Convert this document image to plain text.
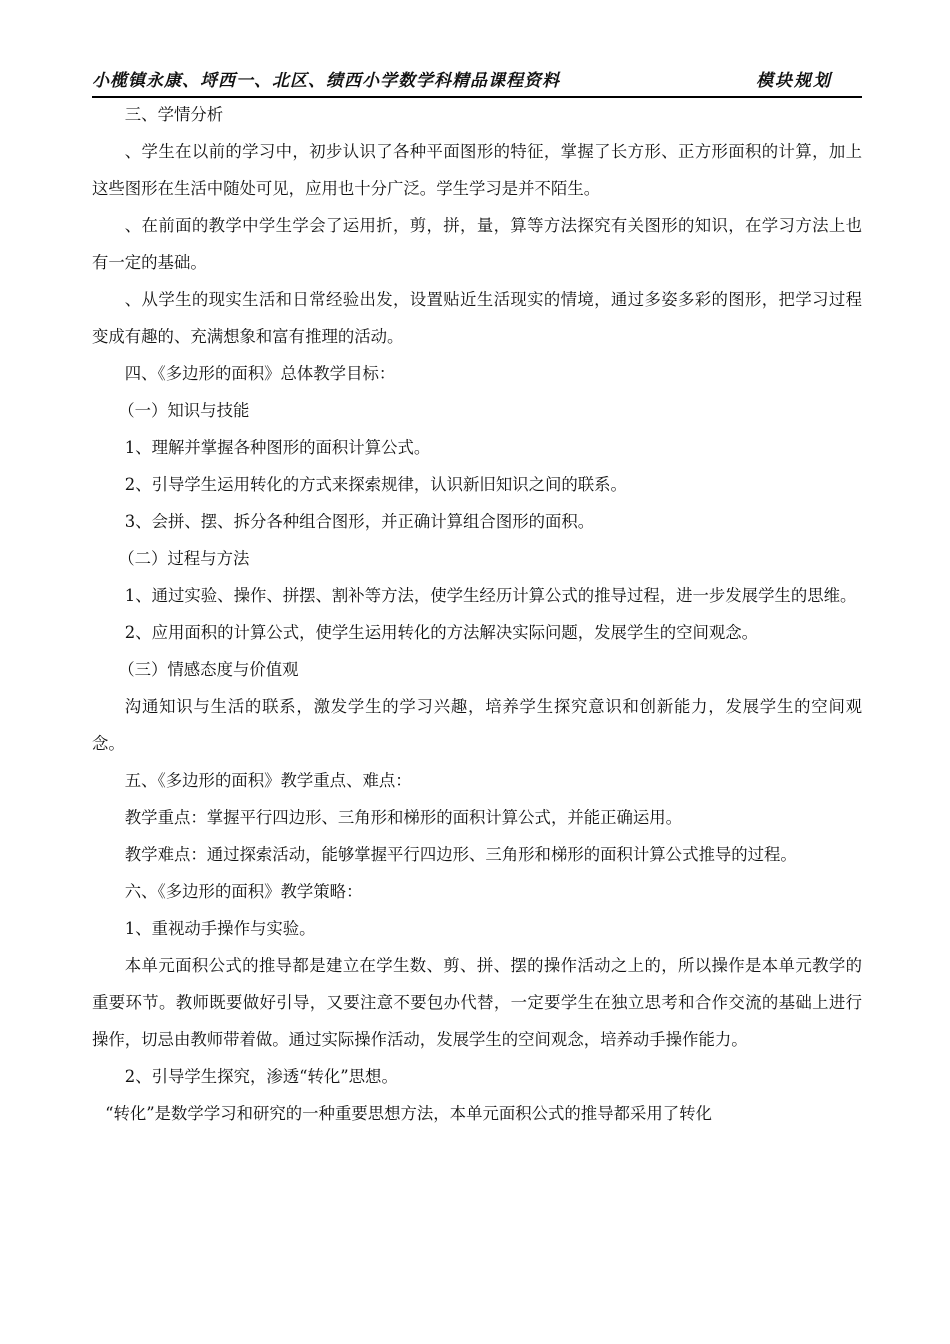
小榄镇永康、埒西一、北区、绩西小学数学科精品课程资料	模块规划

三、学情分析

、学生在以前的学习中，初步认识了各种平面图形的特征，掌握了长方形、正方形面积的计算，加上这些图形在生活中随处可见，应用也十分广泛。学生学习是并不陌生。

、在前面的教学中学生学会了运用折，剪，拼，量，算等方法探究有关图形的知识，在学习方法上也有一定的基础。

、从学生的现实生活和日常经验出发，设置贴近生活现实的情境，通过多姿多彩的图形，把学习过程变成有趣的、充满想象和富有推理的活动。

四、《多边形的面积》总体教学目标：

（一）知识与技能

1、理解并掌握各种图形的面积计算公式。

2、引导学生运用转化的方式来探索规律，认识新旧知识之间的联系。

3、会拼、摆、拆分各种组合图形，并正确计算组合图形的面积。

（二）过程与方法

1、通过实验、操作、拼摆、割补等方法，使学生经历计算公式的推导过程，进一步发展学生的思维。

2、应用面积的计算公式，使学生运用转化的方法解决实际问题，发展学生的空间观念。

（三）情感态度与价值观

沟通知识与生活的联系，激发学生的学习兴趣，培养学生探究意识和创新能力，发展学生的空间观念。

五、《多边形的面积》教学重点、难点：

教学重点：掌握平行四边形、三角形和梯形的面积计算公式，并能正确运用。

教学难点：通过探索活动，能够掌握平行四边形、三角形和梯形的面积计算公式推导的过程。

六、《多边形的面积》教学策略：

1、重视动手操作与实验。

本单元面积公式的推导都是建立在学生数、剪、拼、摆的操作活动之上的，所以操作是本单元教学的重要环节。教师既要做好引导，又要注意不要包办代替，一定要学生在独立思考和合作交流的基础上进行操作，切忌由教师带着做。通过实际操作活动，发展学生的空间观念，培养动手操作能力。

2、引导学生探究，渗透“转化”思想。

“转化”是数学学习和研究的一种重要思想方法，本单元面积公式的推导都采用了转化
